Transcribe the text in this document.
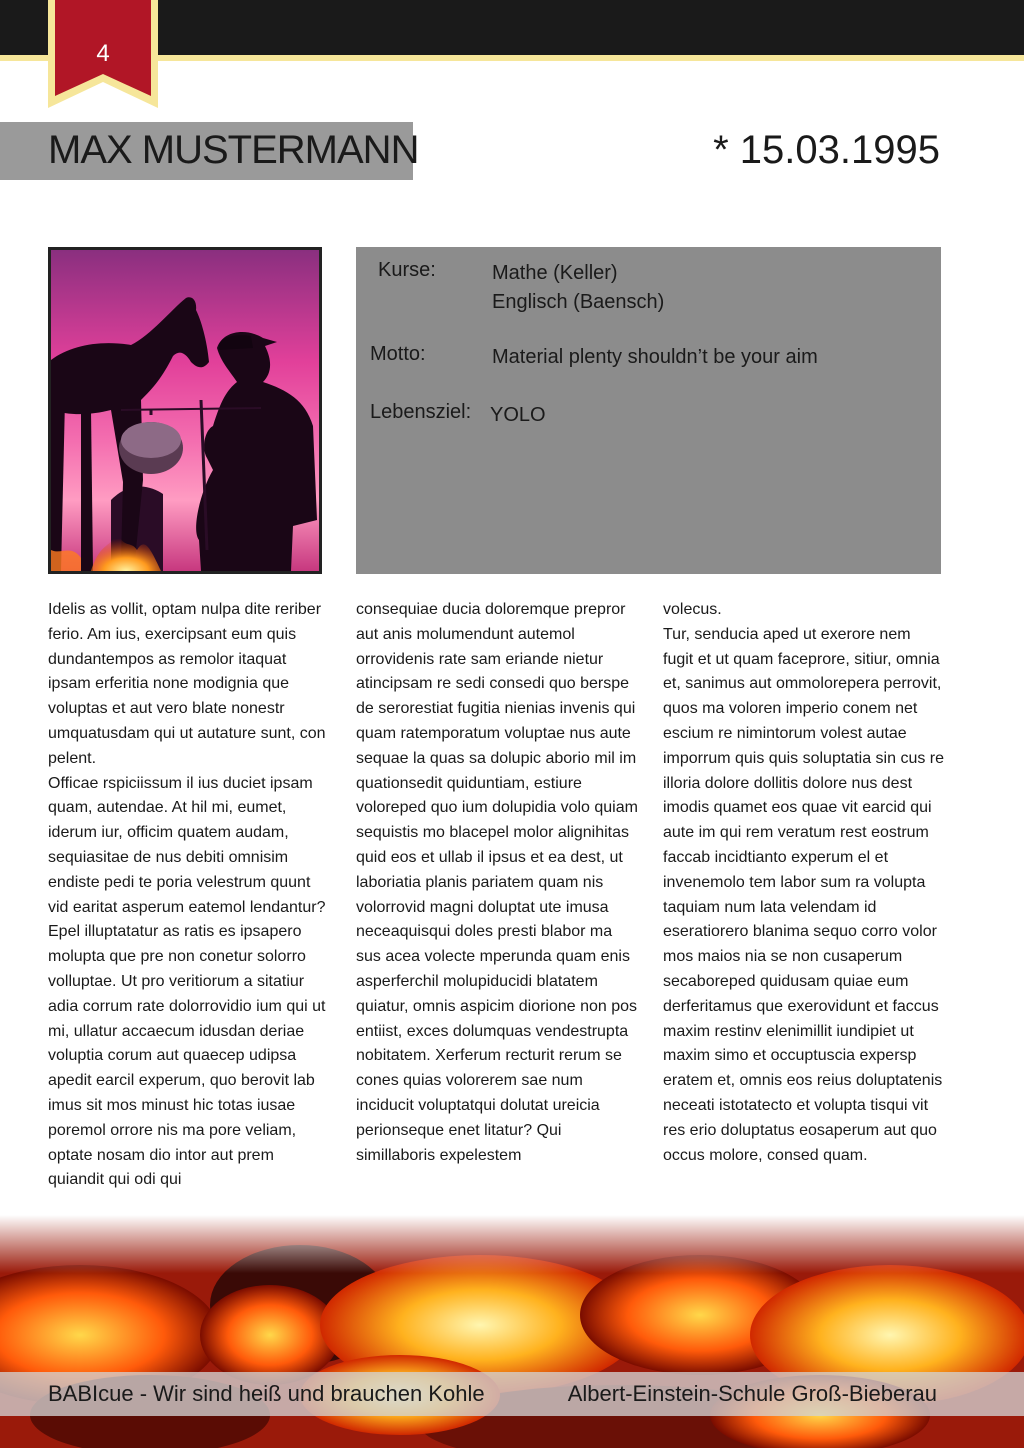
4
MAX MUSTERMANN	* 15.03.1995
Kurse:	Mathe (Keller)
Englisch (Baensch)
Motto:	Material plenty shouldn’t be your aim
Lebensziel: YOLO

Idelis as vollit, optam nulpa dite reriber ferio. Am ius, exercipsant eum quis dundantempos as remolor itaquat ipsam erferitia none modignia que voluptas et aut vero blate nonestr umquatusdam qui ut autature sunt, con pelent.

Officae rspiciissum il ius duciet ipsam quam, autendae. At hil mi, eumet, iderum iur, officim quatem audam, sequiasitae de nus debiti omnisim endiste pedi te poria velestrum quunt vid earitat asperum eatemol lendantur? Epel illuptatatur as ratis es ipsapero molupta que pre non conetur solorro volluptae. Ut pro veritiorum a sitatiur adia corrum rate dolorrovidio ium qui ut mi, ullatur accaecum idusdan deriae voluptia corum aut quaecep udipsa apedit earcil experum, quo berovit lab imus sit mos minust hic totas iusae poremol orrore nis ma pore veliam, optate nosam dio intor aut prem quiandit qui odi qui

consequiae ducia doloremque prepror aut anis molumendunt autemol orrovidenis rate sam eriande nietur atincipsam re sedi consedi quo berspe de serorestiat fugitia nienias invenis qui quam ratemporatum voluptae nus aute sequae la quas sa dolupic aborio mil im quationsedit quiduntiam, estiure voloreped quo ium dolupidia volo quiam sequistis mo blacepel molor alignihitas quid eos et ullab il ipsus et ea dest, ut laboriatia planis pariatem quam nis volorrovid magni doluptat ute imusa neceaquisqui doles presti blabor ma sus acea volecte mperunda quam enis asperferchil molupiducidi blatatem quiatur, omnis aspicim diorione non pos entiist, exces dolumquas vendestrupta nobitatem. Xerferum recturit rerum se cones quias volorerem sae num inciducit voluptatqui dolutat ureicia perionseque enet litatur? Qui simillaboris expelestem

volecus.

Tur, senducia aped ut exerore nem fugit et ut quam faceprore, sitiur, omnia et, sanimus aut ommolorepera perrovit, quos ma voloren imperio conem net escium re nimintorum volest autae imporrum quis quis soluptatia sin cus re illoria dolore dollitis dolore nus dest imodis quamet eos quae vit earcid qui aute im qui rem veratum rest eostrum faccab incidtianto experum el et invenemolo tem labor sum ra volupta taquiam num lata velendam id eseratiorero blanima sequo corro volor mos maios nia se non cusaperum secaboreped quidusam quiae eum derferitamus que exerovidunt et faccus maxim restinv elenimillit iundipiet ut maxim simo et occuptuscia expersp eratem et, omnis eos reius doluptatenis neceati istotatecto et volupta tisqui vit res erio doluptatus eosaperum aut quo occus molore, consed quam.

BABIcue - Wir sind heiß und brauchen Kohle	Albert-Einstein-Schule Groß-Bieberau
